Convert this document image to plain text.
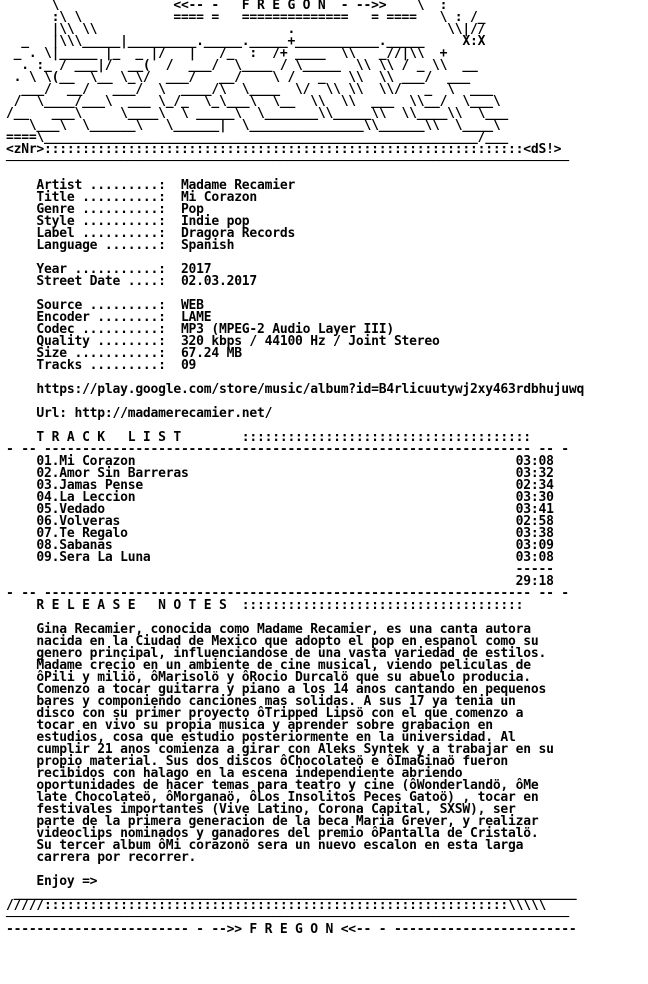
\               <<-- -   F R E G O N  - -->>    \  :
:\ \            ==== =   ==============   = ====   \ : /_
|\\ \\                         .                    \\|//
_   |\\\_____|_________._____._____+___________._____     X:X
_ . \|_____ |_  _ |/   |   /_  :  /+ ____  \\   _//|\\  +
. :_ / ___|/  __(  /  ___/  \____ / \_____  \\ \\ / _ \\  __
. \ \(__  \__ \_\/  ___/   __/    \ /   _   \\  \\ ___/  ___
___/  __/   ___/  \  ____/\  \____  \/  \\ \\  \\/   _  \  ___
/  \____/___\  ___ \_/_  \_\___\  \__  \\  \\  ___  \\__/  \___\
/__   ___\     \____\  \ _____\  \_______\\_____\\  \\____\\  \___
\___\  \______\   \______|  \_______________\\______\\  \____\
====\_________________________________________________________/___
<zNr>:::::::::::::::::::::::::::::::::::::::::::::::::::::::::::::::<dS!>
──────────────────────────────────────────────────────────────────────────

Artist .........:  Madame Recamier
Title ..........:  Mi Corazon
Genre ..........:  Pop
Style ..........:  Indie pop
Label ..........:  Dragora Records
Language .......:  Spanish

Year ...........:  2017
Street Date ....:  02.03.2017

Source .........:  WEB
Encoder ........:  LAME
Codec ..........:  MP3 (MPEG-2 Audio Layer III)
Quality ........:  320 kbps / 44100 Hz / Joint Stereo
Size ...........:  67.24 MB
Tracks .........:  09

https://play.google.com/store/music/album?id=B4rlicuutywj2xy463rdbhujuwq

Url: http://madamerecamier.net/

T R A C K   L I S T        ::::::::::::::::::::::::::::::::::::::
- -- ---------------------------------------------------------------- -- -
01.Mi Corazon                                                  03:08
02.Amor Sin Barreras                                           03:32
03.Jamas Pense                                                 02:34
04.La Leccion                                                  03:30
05.Vedado                                                      03:41
06.Volveras                                                    02:58
07.Te Regalo                                                   03:38
08.Sabanas                                                     03:09
09.Sera La Luna                                                03:08
-----
29:18
- -- ---------------------------------------------------------------- -- -
R E L E A S E   N O T E S  :::::::::::::::::::::::::::::::::::::

Gina Recamier, conocida como Madame Recamier, es una canta autora
nacida en la Ciudad de Mexico que adopto el pop en espanol como su
genero principal, influenciandose de una vasta variedad de estilos.
Madame crecio en un ambiente de cine musical, viendo peliculas de
ôPili y miliö, ôMarisolö y ôRocio Durcalö que su abuelo producia.
Comenzo a tocar guitarra y piano a los 14 anos cantando en pequenos
bares y componiendo canciones mas solidas. A sus 17 ya tenia un
disco con su primer proyecto ôTripped Lipsö con el que comenzo a
tocar en vivo su propia musica y aprender sobre grabacion en
estudios, cosa que estudio posteriormente en la universidad. Al
cumplir 21 anos comienza a girar con Aleks Syntek y a trabajar en su
propio material. Sus dos discos ôChocolateö e ôImaGinaö fueron
recibidos con halago en la escena independiente abriendo
oportunidades de hacer temas para teatro y cine (ôWonderlandö, ôMe
late Chocolateö, ôMorganaö, ôLos Insolitos Peces Gatoö) , tocar en
festivales importantes (Vive Latino, Corona Capital, SXSW), ser
parte de la primera generacion de la beca Maria Grever, y realizar
videoclips nominados y ganadores del premio ôPantalla de Cristalö.
Su tercer album ôMi corazonö sera un nuevo escalon en esta larga
carrera por recorrer.

Enjoy =>
__________________________________________________________________________
/////:::::::::::::::::::::::::::::::::::::::::::::::::::::::::::::\\\\\
──────────────────────────────────────────────────────────────────────────
------------------------ - -->> F R E G O N <<-- - ------------------------
